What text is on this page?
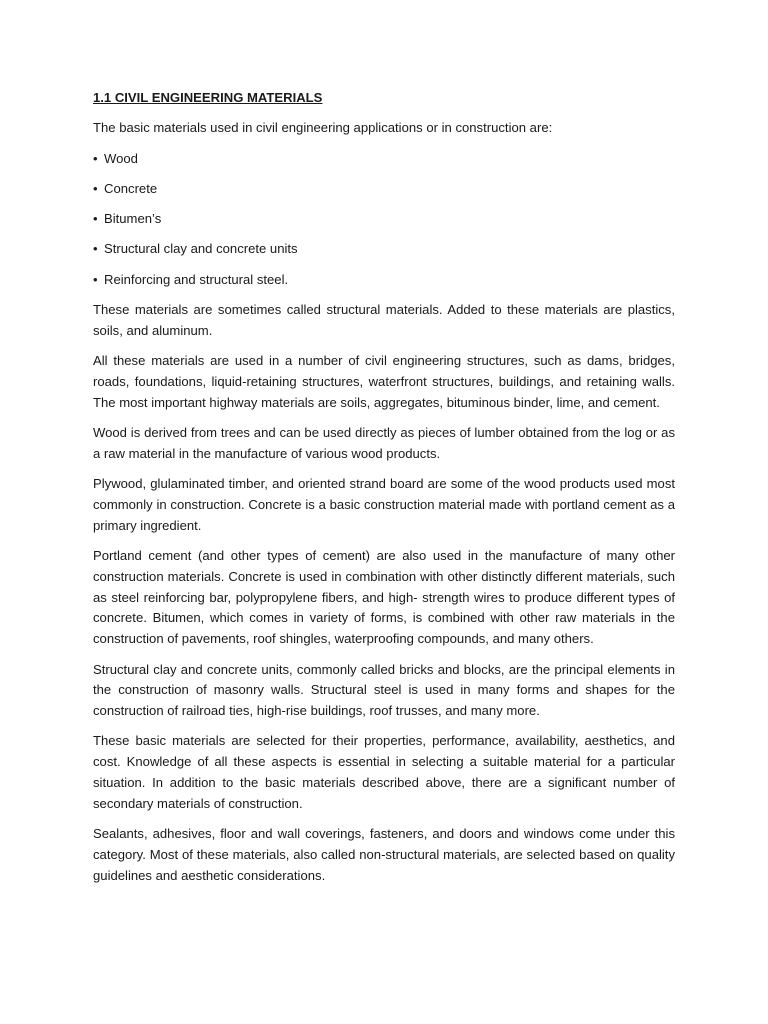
1.1 CIVIL ENGINEERING MATERIALS
The basic materials used in civil engineering applications or in construction are:
• Wood
• Concrete
• Bitumen’s
• Structural clay and concrete units
• Reinforcing and structural steel.

These materials are sometimes called structural materials. Added to these materials are plastics, soils, and aluminum.

All these materials are used in a number of civil engineering structures, such as dams, bridges, roads, foundations, liquid-retaining structures, waterfront structures, buildings, and retaining walls. The most important highway materials are soils, aggregates, bituminous binder, lime, and cement.

Wood is derived from trees and can be used directly as pieces of lumber obtained from the log or as a raw material in the manufacture of various wood products.

Plywood, glulaminated timber, and oriented strand board are some of the wood products used most commonly in construction. Concrete is a basic construction material made with portland cement as a primary ingredient.

Portland cement (and other types of cement) are also used in the manufacture of many other construction materials. Concrete is used in combination with other distinctly different materials, such as steel reinforcing bar, polypropylene fibers, and high- strength wires to produce different types of concrete. Bitumen, which comes in variety of forms, is combined with other raw materials in the construction of pavements, roof shingles, waterproofing compounds, and many others.

Structural clay and concrete units, commonly called bricks and blocks, are the principal elements in the construction of masonry walls. Structural steel is used in many forms and shapes for the construction of railroad ties, high-rise buildings, roof trusses, and many more.

These basic materials are selected for their properties, performance, availability, aesthetics, and cost. Knowledge of all these aspects is essential in selecting a suitable material for a particular situation. In addition to the basic materials described above, there are a significant number of secondary materials of construction.

Sealants, adhesives, floor and wall coverings, fasteners, and doors and windows come under this category. Most of these materials, also called non-structural materials, are selected based on quality guidelines and aesthetic considerations.
